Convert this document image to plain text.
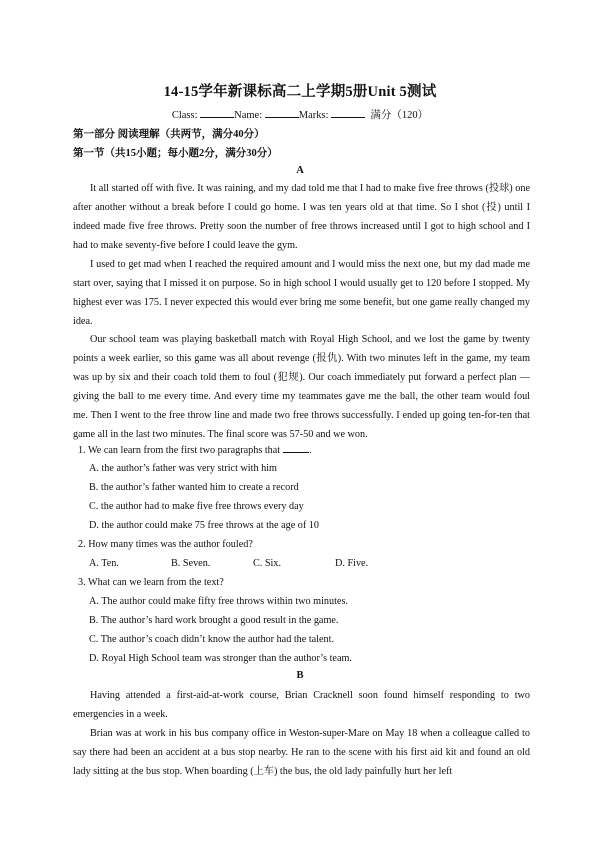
14-15学年新课标高二上学期5册Unit 5测试
Class:	Name:	Marks:	满分（120）
第一部分 阅读理解（共两节，满分40分）
第一节（共15小题；每小题2分，满分30分）
A

It all started off with five. It was raining, and my dad told me that I had to make five free throws (投球) one after another without a break before I could go home. I was ten years old at that time. So I shot (投) until I indeed made five free throws. Pretty soon the number of free throws increased until I got to high school and I had to make seventy-five before I could leave the gym.

I used to get mad when I reached the required amount and I would miss the next one, but my dad made me start over, saying that I missed it on purpose. So in high school I would usually get to 120 before I stopped. My highest ever was 175. I never expected this would ever bring me some benefit, but one game really changed my idea.

Our school team was playing basketball match with Royal High School, and we lost the game by twenty points a week earlier, so this game was all about revenge (报仇). With two minutes left in the game, my team was up by six and their coach told them to foul (犯规). Our coach immediately put forward a perfect plan — giving the ball to me every time. And every time my teammates gave me the ball, the other team would foul me. Then I went to the free throw line and made two free throws successfully. I ended up going ten-for-ten that game all in the last two minutes. The final score was 57-50 and we won.

1. We can learn from the first two paragraphs that	.
A. the author’s father was very strict with him
B. the author’s father wanted him to create a record
C. the author had to make five free throws every day
D. the author could make 75 free throws at the age of 10
2. How many times was the author fouled?
A. Ten.	B. Seven.	C. Six.	D. Five.
3. What can we learn from the text?
A. The author could make fifty free throws within two minutes.
B. The author’s hard work brought a good result in the game.
C. The author’s coach didn’t know the author had the talent.
D. Royal High School team was stronger than the author’s team.
B

Having attended a first-aid-at-work course, Brian Cracknell soon found himself responding to two emergencies in a week.

Brian was at work in his bus company office in Weston-super-Mare on May 18 when a colleague called to say there had been an accident at a bus stop nearby. He ran to the scene with his first aid kit and found an old lady sitting at the bus stop. When boarding (上车) the bus, the old lady painfully hurt her left
